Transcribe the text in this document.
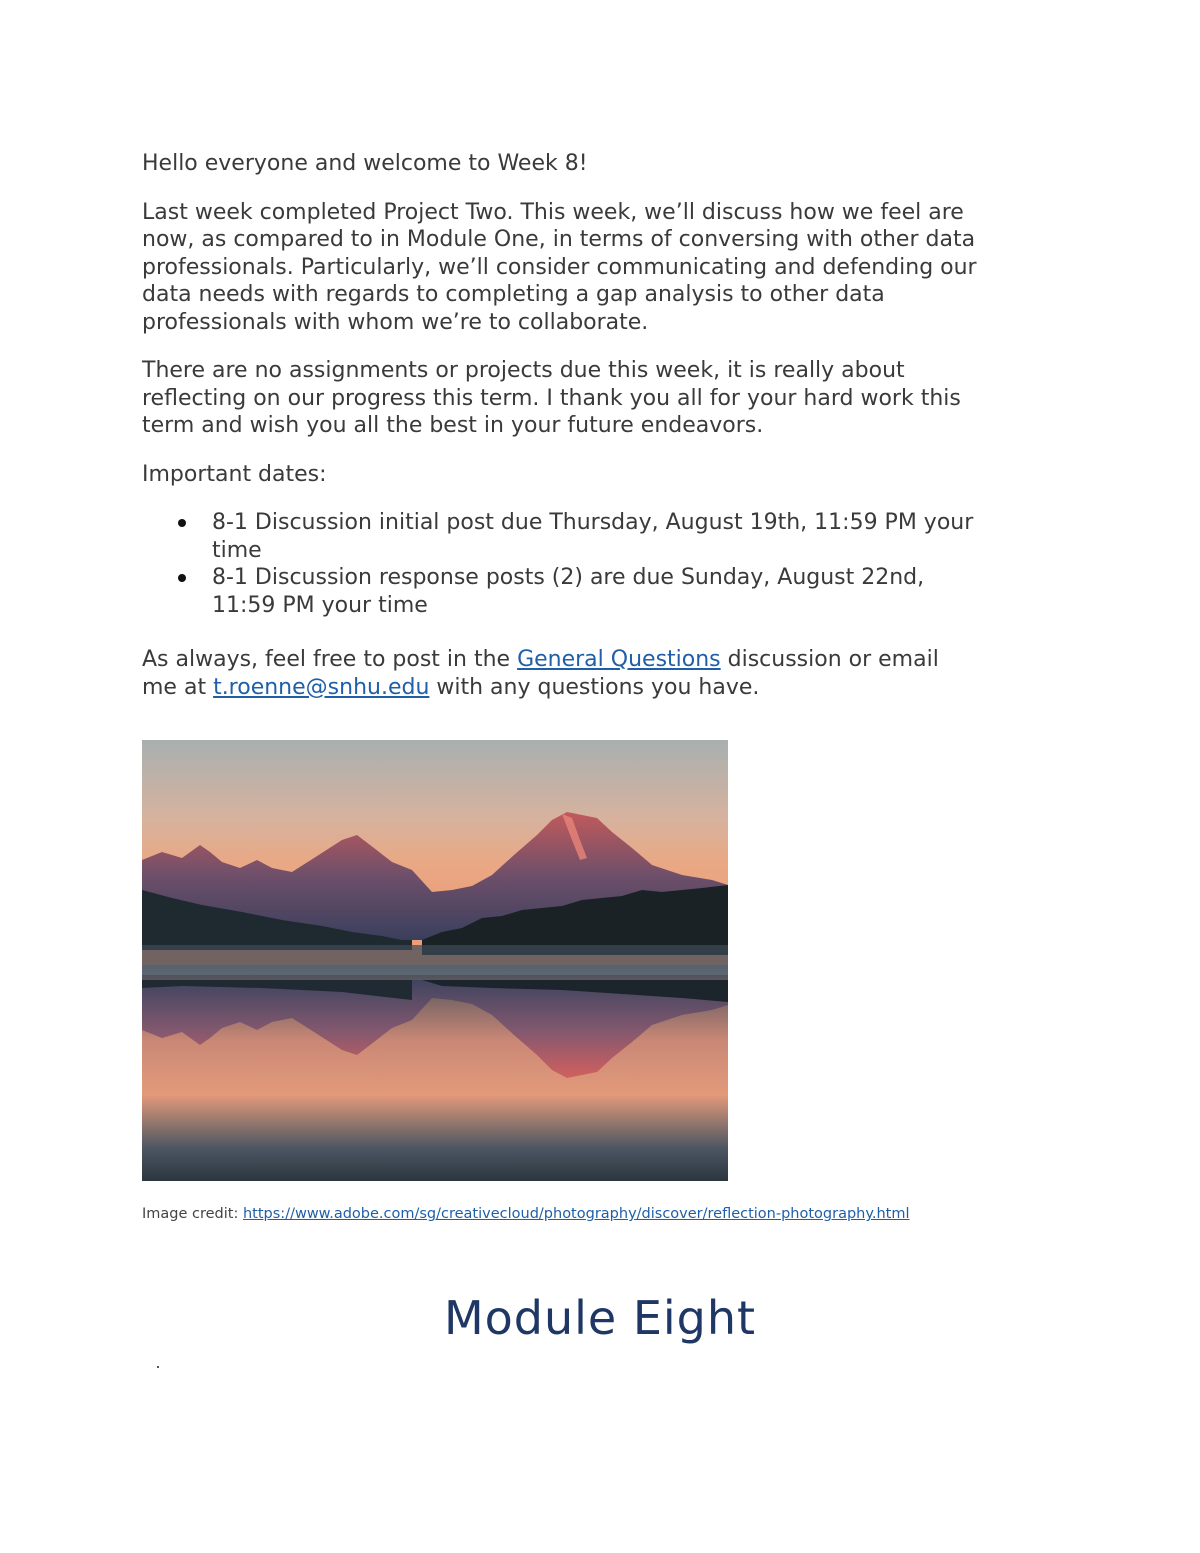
Hello everyone and welcome to Week 8!

Last week completed Project Two. This week, we’ll discuss how we feel are
now, as compared to in Module One, in terms of conversing with other data
professionals. Particularly, we’ll consider communicating and defending our
data needs with regards to completing a gap analysis to other data
professionals with whom we’re to collaborate.

There are no assignments or projects due this week, it is really about
reflecting on our progress this term. I thank you all for your hard work this
term and wish you all the best in your future endeavors.

Important dates:

8-1 Discussion initial post due Thursday, August 19th, 11:59 PM your
time
8-1 Discussion response posts (2) are due Sunday, August 22nd,
11:59 PM your time

As always, feel free to post in the General Questions discussion or email
me at t.roenne@snhu.edu with any questions you have.

Image credit: https://www.adobe.com/sg/creativecloud/photography/discover/reflection-photography.html
Module Eight
